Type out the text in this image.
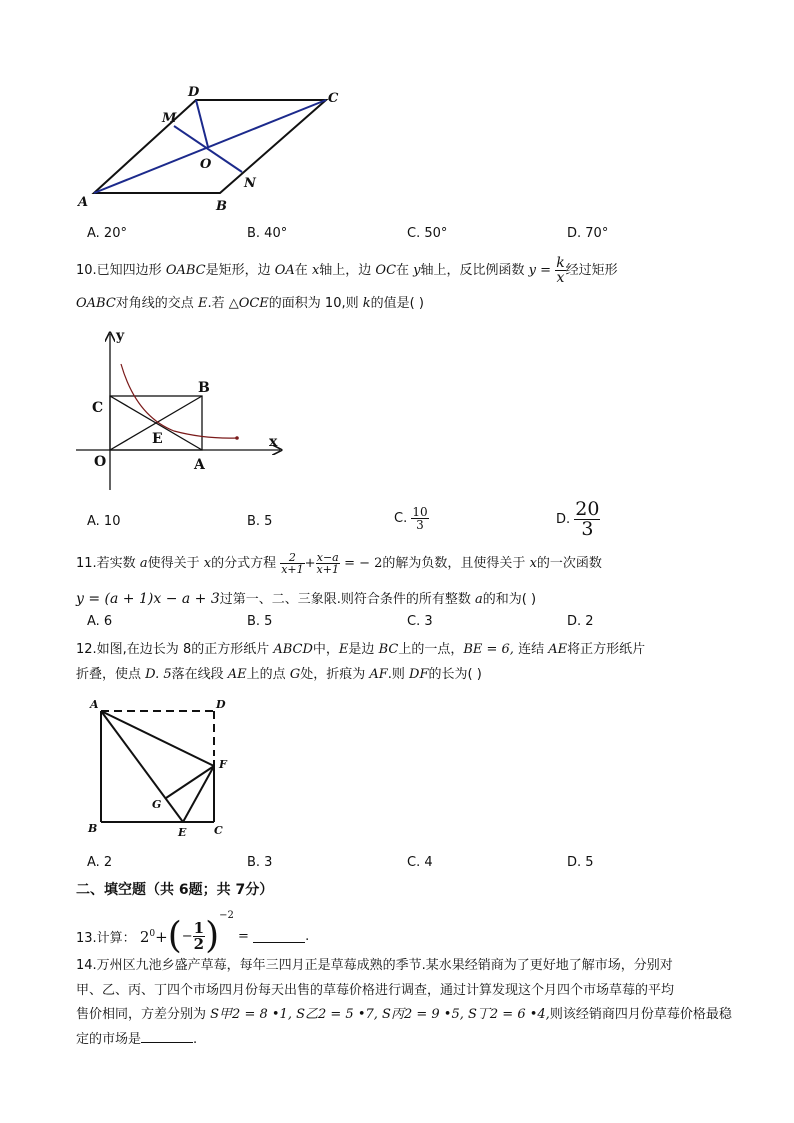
D	C
M
O
N
A	B
A. 20°	B. 40°	C. 50°	D. 70°
10.已知四边形 OABC是矩形，边 OA在 x轴上，边 OC在 y轴上，反比例函数 $y = \frac{k}{x}$ 经过矩形
OABC对角线的交点 E.若 △OCE的面积为 10,则 k的值是( )
y
x
B
C
E
O	A
A. 10	B. 5	C. $\frac{10}{3}$	D. $\frac{20}{3}$
11.若实数 a使得关于 x的分式方程 $\frac{2}{x+1} + \frac{x-a}{x+1}$ = − 2的解为负数，且使得关于 x的一次函数
y = (a + 1)x − a + 3过第一、二、三象限.则符合条件的所有整数 a的和为( )
A. 6	B. 5	C. 3	D. 2
12.如图,在边长为 8的正方形纸片 ABCD中，E是边 BC上的一点，BE = 6, 连结 AE将正方形纸片
折叠，使点 D. 5落在线段 AE上的点 G处，折痕为 AF.则 DF的长为( )
A	D
F
G
B	E	C
A. 2	B. 3	C. 4	D. 5
二、填空题（共 6题；共 7分）
13.计算： $2^0+(- \frac{1}{2} )^{-2}$ =	.
14.万州区九池乡盛产草莓，每年三四月正是草莓成熟的季节.某水果经销商为了更好地了解市场，分别对
甲、乙、丙、丁四个市场四月份每天出售的草莓价格进行调查，通过计算发现这个月四个市场草莓的平均
售价相同，方差分别为 S甲2 = 8 •1, S乙2 = 5 •7, S丙2 = 9 •5, S丁2 = 6 •4,则该经销商四月份草莓价格最稳
定的市场是	.
